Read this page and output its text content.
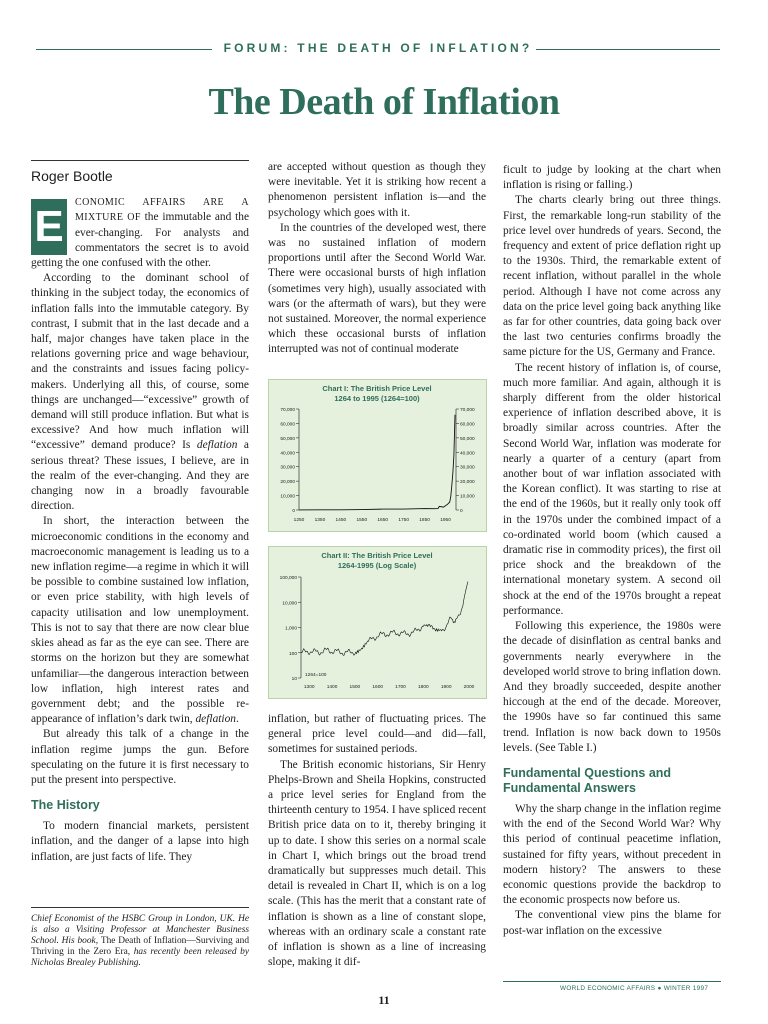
FORUM: THE DEATH OF INFLATION?
The Death of Inflation
Roger Bootle

E	CONOMIC AFFAIRS ARE A MIXTURE OF the immutable and the ever-changing. For analysts and commentators the secret is to avoid getting the one confused with the other.

According to the dominant school of thinking in the subject today, the economics of inflation falls into the immutable category. By contrast, I submit that in the last decade and a half, major changes have taken place in the relations governing price and wage behaviour, and the constraints and issues facing policy-makers. Underlying all this, of course, some things are unchanged—“excessive” growth of demand will still produce inflation. But what is excessive? And how much inflation will “excessive” demand produce? Is deflation a serious threat? These issues, I believe, are in the realm of the ever-changing. And they are changing now in a broadly favourable direction.

In short, the interaction between the microeconomic conditions in the economy and macroeconomic management is leading us to a new inflation regime—a regime in which it will be possible to combine sustained low inflation, or even price stability, with high levels of capacity utilisation and low unemployment. This is not to say that there are now clear blue skies ahead as far as the eye can see. There are storms on the horizon but they are somewhat unfamiliar—the dangerous interaction between low inflation, high interest rates and government debt; and the possible re-appearance of inflation’s dark twin, deflation.

But already this talk of a change in the inflation regime jumps the gun. Before speculating on the future it is first necessary to put the present into perspective.

The History

To modern financial markets, persistent inflation, and the danger of a lapse into high inflation, are just facts of life. They

Chief Economist of the HSBC Group in London, UK. He is also a Visiting Professor at Manchester Business School. His book, The Death of Inflation—Surviving and Thriving in the Zero Era, has recently been released by Nicholas Brealey Publishing.

are accepted without question as though they were inevitable. Yet it is striking how recent a phenomenon persistent inflation is—and the psychology which goes with it.

In the countries of the developed west, there was no sustained inflation of modern proportions until after the Second World War. There were occasional bursts of high inflation (sometimes very high), usually associated with wars (or the aftermath of wars), but they were not sustained. Moreover, the normal experience which these occasional bursts of inflation interrupted was not of continual moderate

Chart I: The British Price Level
1264 to 1995 (1264=100)
70,000	70,000
60,000	60,000
50,000	50,000
40,000	40,000
30,000	30,000
20,000	20,000
10,000	10,000
0	0
1250 1350 1450 1550 1650 1750 1850 1950
Chart II: The British Price Level
1264-1995 (Log Scale)
100,000
10,000
1,000
100
10
1300	1400	1500	1600	1700	1800	1900	2000
1264=100

inflation, but rather of fluctuating prices. The general price level could—and did—fall, sometimes for sustained periods.

The British economic historians, Sir Henry Phelps-Brown and Sheila Hopkins, constructed a price level series for England from the thirteenth century to 1954. I have spliced recent British price data on to it, thereby bringing it up to date. I show this series on a normal scale in Chart I, which brings out the broad trend dramatically but suppresses much detail. This detail is revealed in Chart II, which is on a log scale. (This has the merit that a constant rate of inflation is shown as a line of constant slope, whereas with an ordinary scale a constant rate of inflation is shown as a line of increasing slope, making it dif-

ficult to judge by looking at the chart when inflation is rising or falling.)

The charts clearly bring out three things. First, the remarkable long-run stability of the price level over hundreds of years. Second, the frequency and extent of price deflation right up to the 1930s. Third, the remarkable extent of recent inflation, without parallel in the whole period. Although I have not come across any data on the price level going back anything like as far for other countries, data going back over the last two centuries confirms broadly the same picture for the US, Germany and France.

The recent history of inflation is, of course, much more familiar. And again, although it is sharply different from the older historical experience of inflation described above, it is broadly similar across countries. After the Second World War, inflation was moderate for nearly a quarter of a century (apart from another bout of war inflation associated with the Korean conflict). It was starting to rise at the end of the 1960s, but it really only took off in the 1970s under the combined impact of a co-ordinated world boom (which caused a dramatic rise in commodity prices), the first oil price shock and the breakdown of the international monetary system. A second oil shock at the end of the 1970s brought a repeat performance.

Following this experience, the 1980s were the decade of disinflation as central banks and governments nearly everywhere in the developed world strove to bring inflation down. And they broadly succeeded, despite another hiccough at the end of the decade. Moreover, the 1990s have so far continued this same trend. Inflation is now back down to 1950s levels. (See Table I.)

Fundamental Questions and Fundamental Answers

Why the sharp change in the inflation regime with the end of the Second World War? Why this period of continual peacetime inflation, sustained for fifty years, without precedent in modern history? The answers to these economic questions provide the backdrop to the economic prospects now before us.

The conventional view pins the blame for post-war inflation on the excessive

WORLD ECONOMIC AFFAIRS ● WINTER 1997
11
